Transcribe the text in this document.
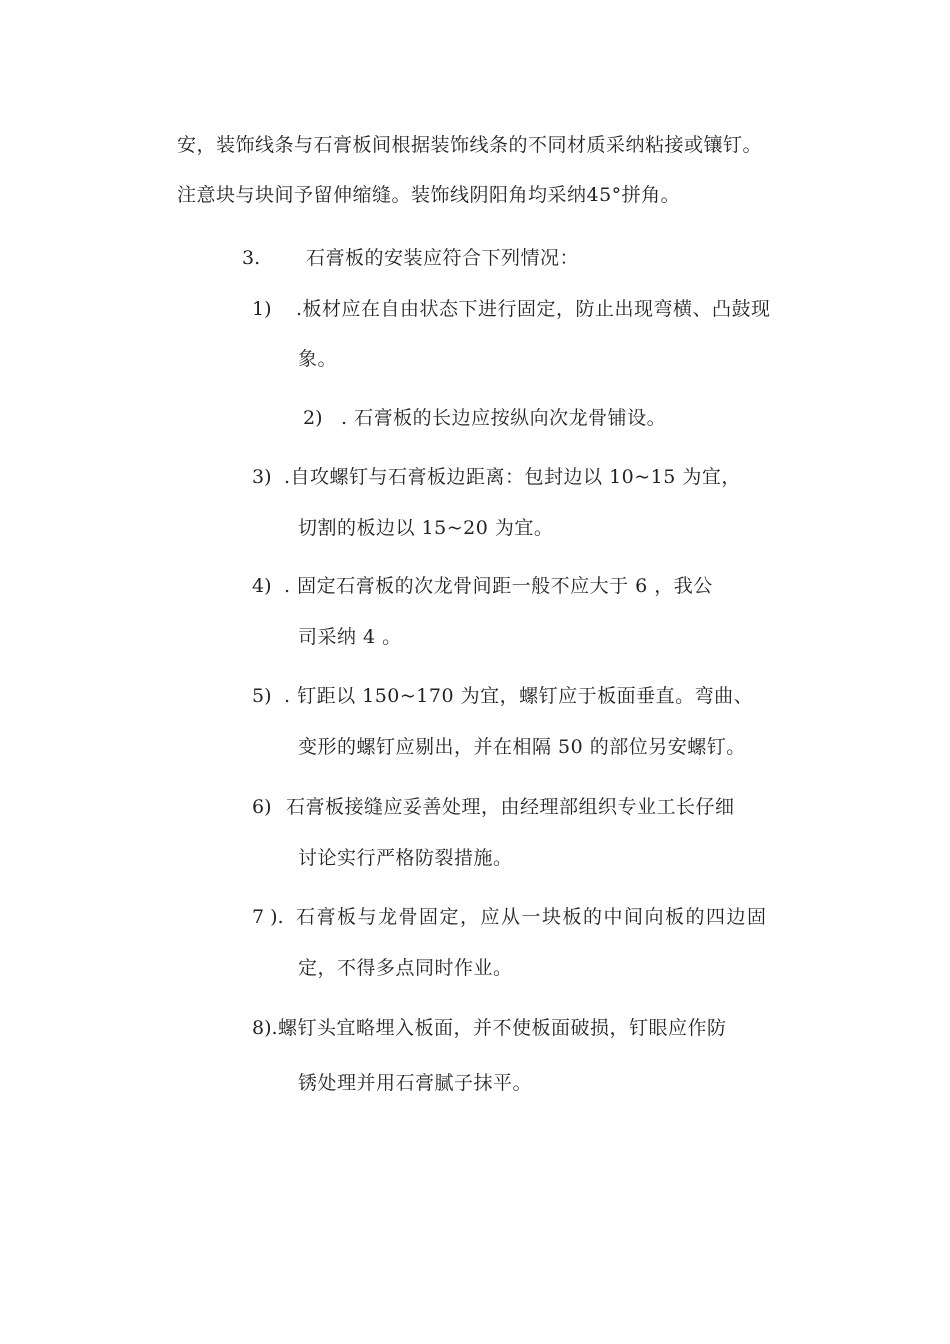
安，装饰线条与石膏板间根据装饰线条的不同材质采纳粘接或镶钉。
注意块与块间予留伸缩缝。装饰线阴阳角均采纳45°拼角。
3. 石膏板的安装应符合下列情况：
1) .板材应在自由状态下进行固定，防止出现弯横、凸鼓现
象。
2) . 石膏板的长边应按纵向次龙骨铺设。
3) .自攻螺钉与石膏板边距离：包封边以 10~15 为宜，
切割的板边以 15~20 为宜。
4) . 固定石膏板的次龙骨间距一般不应大于 6 ，我公
司采纳 4 。
5) . 钉距以 150~170 为宜，螺钉应于板面垂直。弯曲、
变形的螺钉应剔出，并在相隔 50 的部位另安螺钉。
6) 石膏板接缝应妥善处理，由经理部组织专业工长仔细
讨论实行严格防裂措施。
7 ). 石膏板与龙骨固定，应从一块板的中间向板的四边固
定，不得多点同时作业。
8). 螺钉头宜略埋入板面，并不使板面破损，钉眼应作防
锈处理并用石膏腻子抹平。
